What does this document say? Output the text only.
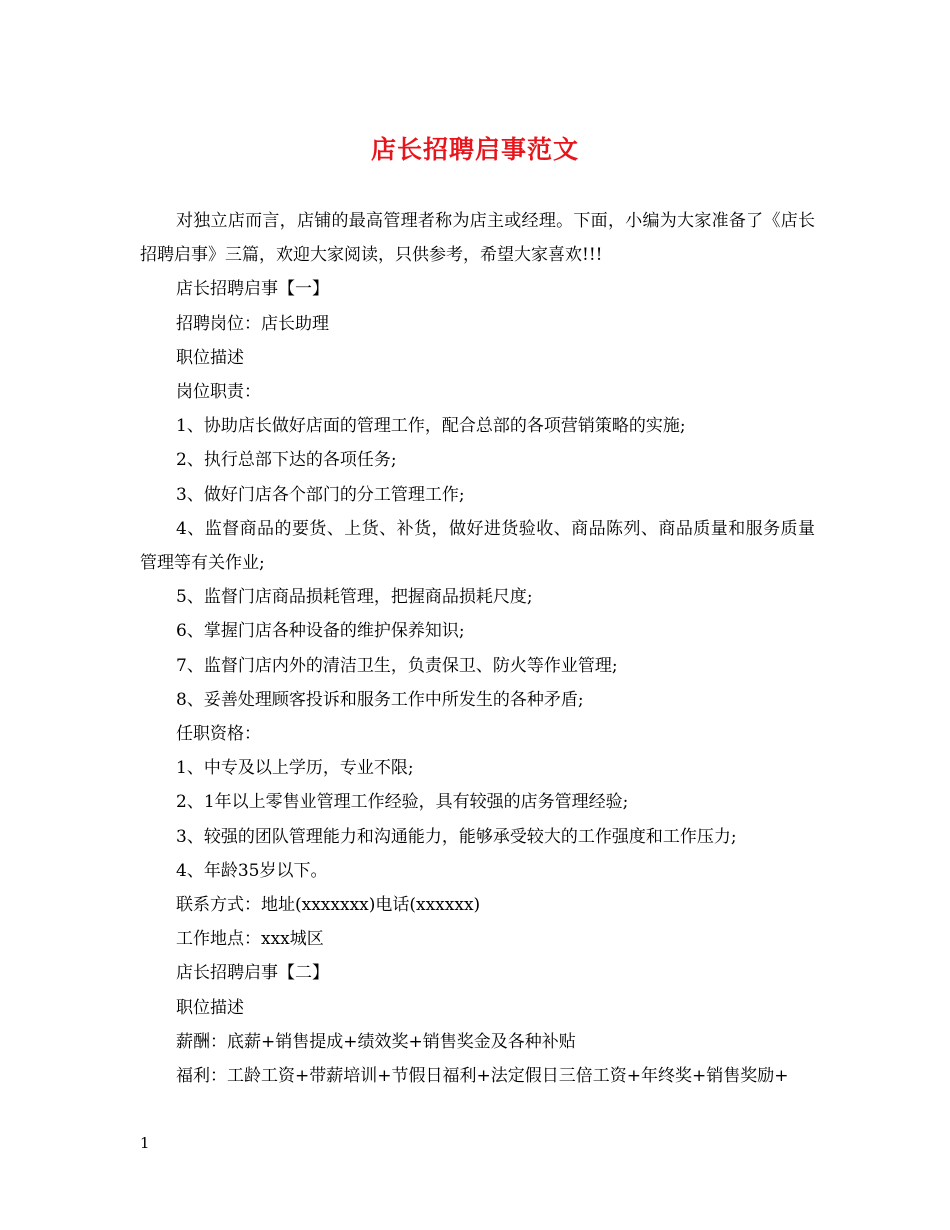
店长招聘启事范文

对独立店而言，店铺的最高管理者称为店主或经理。下面，小编为大家准备了《店长招聘启事》三篇，欢迎大家阅读，只供参考，希望大家喜欢!!!

店长招聘启事【一】

招聘岗位：店长助理

职位描述

岗位职责：

1、协助店长做好店面的管理工作，配合总部的各项营销策略的实施;

2、执行总部下达的各项任务;

3、做好门店各个部门的分工管理工作;

4、监督商品的要货、上货、补货，做好进货验收、商品陈列、商品质量和服务质量管理等有关作业;

5、监督门店商品损耗管理，把握商品损耗尺度;

6、掌握门店各种设备的维护保养知识;

7、监督门店内外的清洁卫生，负责保卫、防火等作业管理;

8、妥善处理顾客投诉和服务工作中所发生的各种矛盾;

任职资格：

1、中专及以上学历，专业不限;

2、1年以上零售业管理工作经验，具有较强的店务管理经验;

3、较强的团队管理能力和沟通能力，能够承受较大的工作强度和工作压力;

4、年龄35岁以下。

联系方式：地址(xxxxxxx)电话(xxxxxx)

工作地点：xxx城区

店长招聘启事【二】

职位描述

薪酬：底薪+销售提成+绩效奖+销售奖金及各种补贴

福利：工龄工资+带薪培训+节假日福利+法定假日三倍工资+年终奖+销售奖励+

1
